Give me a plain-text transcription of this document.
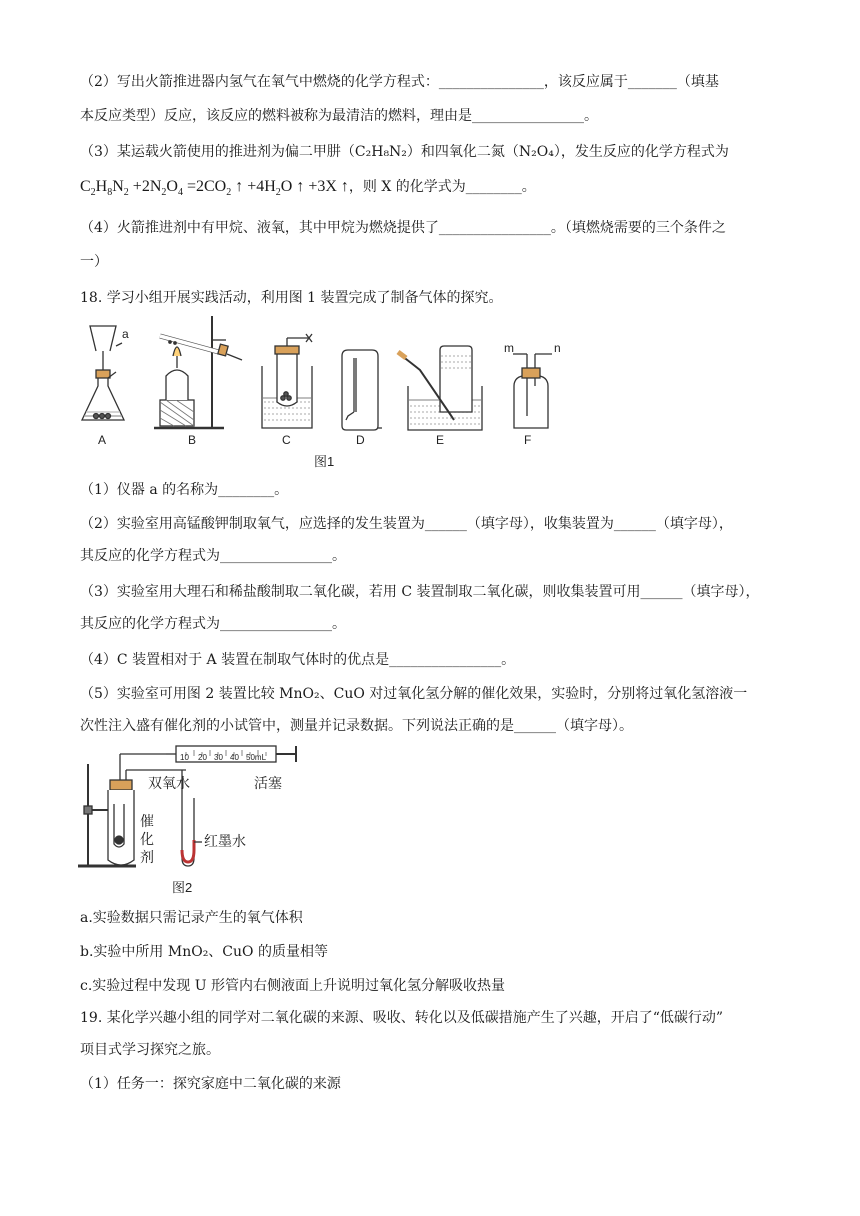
（2）写出火箭推进器内氢气在氧气中燃烧的化学方程式：_______________，该反应属于_______（填基
本反应类型）反应，该反应的燃料被称为最清洁的燃料，理由是________________。
（3）某运载火箭使用的推进剂为偏二甲肼（C₂H₈N₂）和四氧化二氮（N₂O₄），发生反应的化学方程式为
$C_2H_8N_2 +2N_2O_4 =2CO_2$ ↑ $+4H_2O$ ↑ +3X ↑，则 X 的化学式为________。
（4）火箭推进剂中有甲烷、液氧，其中甲烷为燃烧提供了________________。（填燃烧需要的三个条件之
一）
18. 学习小组开展实践活动，利用图 1 装置完成了制备气体的探究。
a
m	n
A	B	C	D	E	F
图1
（1）仪器 a 的名称为________。
（2）实验室用高锰酸钾制取氧气，应选择的发生装置为______（填字母），收集装置为______（填字母），
其反应的化学方程式为________________。
（3）实验室用大理石和稀盐酸制取二氧化碳，若用 C 装置制取二氧化碳，则收集装置可用______（填字母），
其反应的化学方程式为________________。
（4）C 装置相对于 A 装置在制取气体时的优点是________________。
（5）实验室可用图 2 装置比较 MnO₂、CuO 对过氧化氢分解的催化效果，实验时，分别将过氧化氢溶液一
次性注入盛有催化剂的小试管中，测量并记录数据。下列说法正确的是______（填字母）。
10 20 30 40 50mL
双氧水	活塞
催
化
剂
红墨水
图2
a.实验数据只需记录产生的氧气体积
b.实验中所用 MnO₂、CuO 的质量相等
c.实验过程中发现 U 形管内右侧液面上升说明过氧化氢分解吸收热量
19. 某化学兴趣小组的同学对二氧化碳的来源、吸收、转化以及低碳措施产生了兴趣，开启了“低碳行动”
项目式学习探究之旅。
（1）任务一：探究家庭中二氧化碳的来源
